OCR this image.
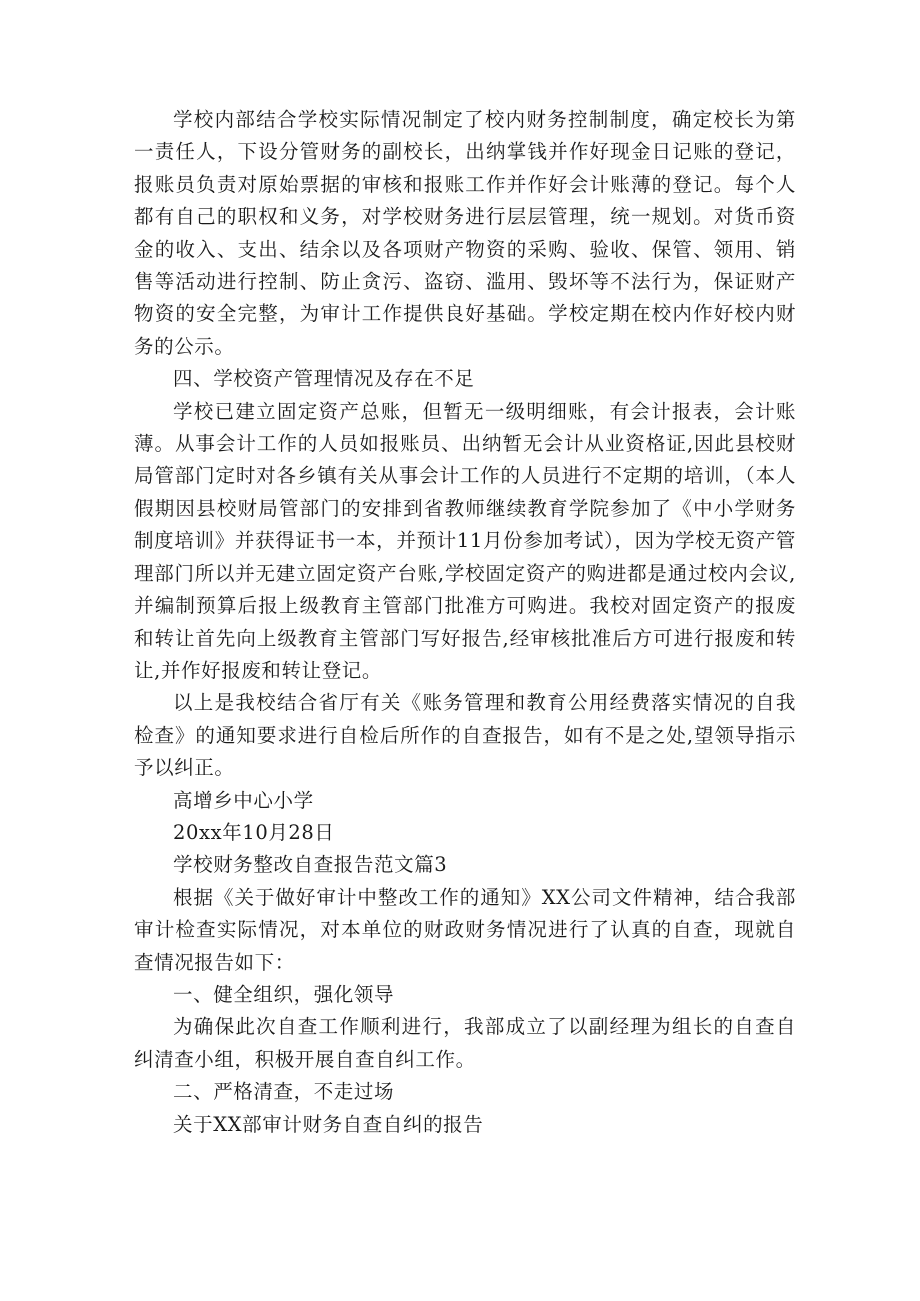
学校内部结合学校实际情况制定了校内财务控制制度，确定校长为第一责任人，下设分管财务的副校长，出纳掌钱并作好现金日记账的登记，报账员负责对原始票据的审核和报账工作并作好会计账薄的登记。每个人都有自己的职权和义务，对学校财务进行层层管理，统一规划。对货币资金的收入、支出、结余以及各项财产物资的采购、验收、保管、领用、销售等活动进行控制、防止贪污、盗窃、滥用、毁坏等不法行为，保证财产物资的安全完整，为审计工作提供良好基础。学校定期在校内作好校内财务的公示。

四、学校资产管理情况及存在不足

学校已建立固定资产总账，但暂无一级明细账，有会计报表，会计账薄。从事会计工作的人员如报账员、出纳暂无会计从业资格证,因此县校财局管部门定时对各乡镇有关从事会计工作的人员进行不定期的培训，（本人假期因县校财局管部门的安排到省教师继续教育学院参加了《中小学财务制度培训》并获得证书一本，并预计11月份参加考试），因为学校无资产管理部门所以并无建立固定资产台账,学校固定资产的购进都是通过校内会议,并编制预算后报上级教育主管部门批准方可购进。我校对固定资产的报废和转让首先向上级教育主管部门写好报告,经审核批准后方可进行报废和转让,并作好报废和转让登记。

以上是我校结合省厅有关《账务管理和教育公用经费落实情况的自我检查》的通知要求进行自检后所作的自查报告，如有不是之处,望领导指示予以纠正。

高增乡中心小学

20xx年10月28日

学校财务整改自查报告范文篇3

根据《关于做好审计中整改工作的通知》XX公司文件精神，结合我部审计检查实际情况，对本单位的财政财务情况进行了认真的自查，现就自查情况报告如下：

一、健全组织，强化领导

为确保此次自查工作顺利进行，我部成立了以副经理为组长的自查自纠清查小组，积极开展自查自纠工作。

二、严格清查，不走过场

关于XX部审计财务自查自纠的报告
